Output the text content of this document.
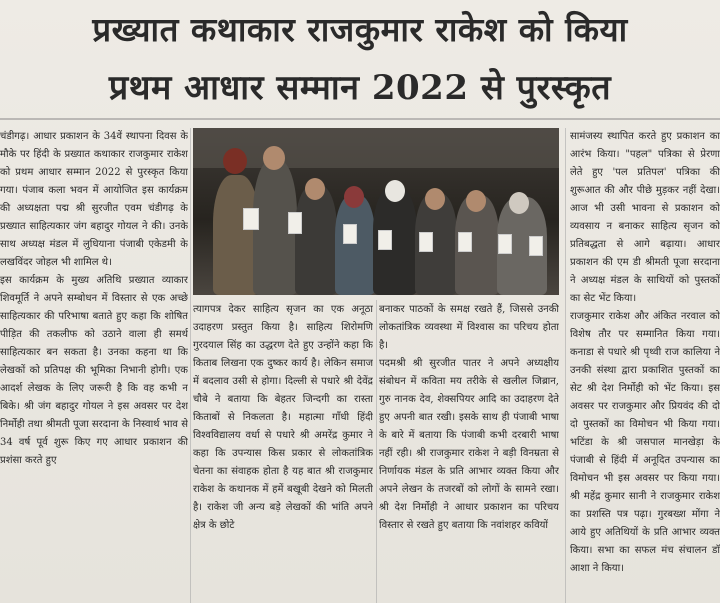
प्रख्यात कथाकार राजकुमार राकेश को किया
प्रथम आधार सम्मान 2022 से पुरस्कृत

चंडीगढ़। आधार प्रकाशन के 34वें स्थापना दिवस के मौके पर हिंदी के प्रख्यात कथाकार राजकुमार राकेश को प्रथम आधार सम्मान 2022 से पुरस्कृत किया गया। पंजाब कला भवन में आयोजित इस कार्यक्रम की अध्यक्षता पद्म श्री सुरजीत एवम चंडीगढ़ के प्रख्यात साहित्यकार जंग बहादुर गोयल ने की। उनके साथ अध्यक्ष मंडल में लुधियाना पंजाबी एकेडमी के लखविंदर जोहल भी शामिल थे।

इस कार्यक्रम के मुख्य अतिथि प्रख्यात व्याकार शिवमूर्ति ने अपने सम्बोधन में विस्तार से एक अच्छे साहित्यकार की परिभाषा बताते हुए कहा कि शोषित पीड़ित की तकलीफ को उठाने वाला ही समर्थ साहित्यकार बन सकता है। उनका कहना था कि लेखकों को प्रतिपक्ष की भूमिका निभानी होगी। एक आदर्श लेखक के लिए जरूरी है कि वह कभी न बिके। श्री जंग बहादुर गोयल ने इस अवसर पर देश निर्मोही तथा श्रीमती पूजा सरदाना के निस्वार्थ भाव से 34 वर्ष पूर्व शुरू किए गए आधार प्रकाशन की प्रशंसा करते हुए

त्यागपत्र देकर साहित्य सृजन का एक अनूठा उदाहरण प्रस्तुत किया है। साहित्य शिरोमणि गुरदयाल सिंह का उद्धरण देते हुए उन्होंने कहा कि किताब लिखना एक दुष्कर कार्य है। लेकिन समाज में बदलाव उसी से होगा। दिल्ली से पधारे श्री देवेंद्र चौबे ने बताया कि बेहतर जिन्दगी का रास्ता किताबों से निकलता है। महात्मा गाँधी हिंदी विश्वविद्यालय वर्धा से पधारे श्री अमरेंद्र कुमार ने कहा कि उपन्यास किस प्रकार से लोकतांत्रिक चेतना का संवाहक होता है यह बात श्री राजकुमार राकेश के कथानक में हमें बखूबी देखने को मिलती है। राकेश जी अन्य बड़े लेखकों की भांति अपने क्षेत्र के छोटे

बनाकर पाठकों के समक्ष रखते हैं, जिससे उनकी लोकतांत्रिक व्यवस्था में विश्वास का परिचय होता है।

पदमश्री श्री सुरजीत पातर ने अपने अध्यक्षीय संबोधन में कविता मय तरीके से खलील जिब्रान, गुरु नानक देव, शेक्सपियर आदि का उदाहरण देते हुए अपनी बात रखी। इसके साथ ही पंजाबी भाषा के बारे में बताया कि पंजाबी कभी दरबारी भाषा नहीं रही। श्री राजकुमार राकेश ने बड़ी विनम्रता से निर्णायक मंडल के प्रति आभार व्यक्त किया और अपने लेखन के तजरबों को लोगों के सामने रखा। श्री देश निर्मोही ने आधार प्रकाशन का परिचय विस्तार से रखते हुए बताया कि नवांशहर कवियों

सामंजस्य स्थापित करते हुए प्रकाशन का आरंभ किया। "पहल" पत्रिका से प्रेरणा लेते हुए 'पल प्रतिपल' पत्रिका की शुरूआत की और पीछे मुड़कर नहीं देखा। आज भी उसी भावना से प्रकाशन को व्यवसाय न बनाकर साहित्य सृजन को प्रतिबद्धता से आगे बढ़ाया। आधार प्रकाशन की एम डी श्रीमती पूजा सरदाना ने अध्यक्ष मंडल के साथियों को पुस्तकों का सेट भेंट किया।

राजकुमार राकेश और अंकित नरवाल को विशेष तौर पर सम्मानित किया गया। कनाडा से पधारे श्री पृथ्वी राज कालिया ने उनकी संस्था द्वारा प्रकाशित पुस्तकों का सेट श्री देश निर्मोही को भेंट किया। इस अवसर पर राजकुमार और प्रियवंद की दो दो पुस्तकों का विमोचन भी किया गया। भटिंडा के श्री जसपाल मानखेड़ा के पंजाबी से हिंदी में अनूदित उपन्यास का विमोचन भी इस अवसर पर किया गया। श्री महेंद्र कुमार सानी ने राजकुमार राकेश का प्रशस्ति पत्र पढ़ा। गुरबख्श मोंगा ने आये हुए अतिथियों के प्रति आभार व्यक्त किया। सभा का सफल मंच संचालन डॉ आशा ने किया।
